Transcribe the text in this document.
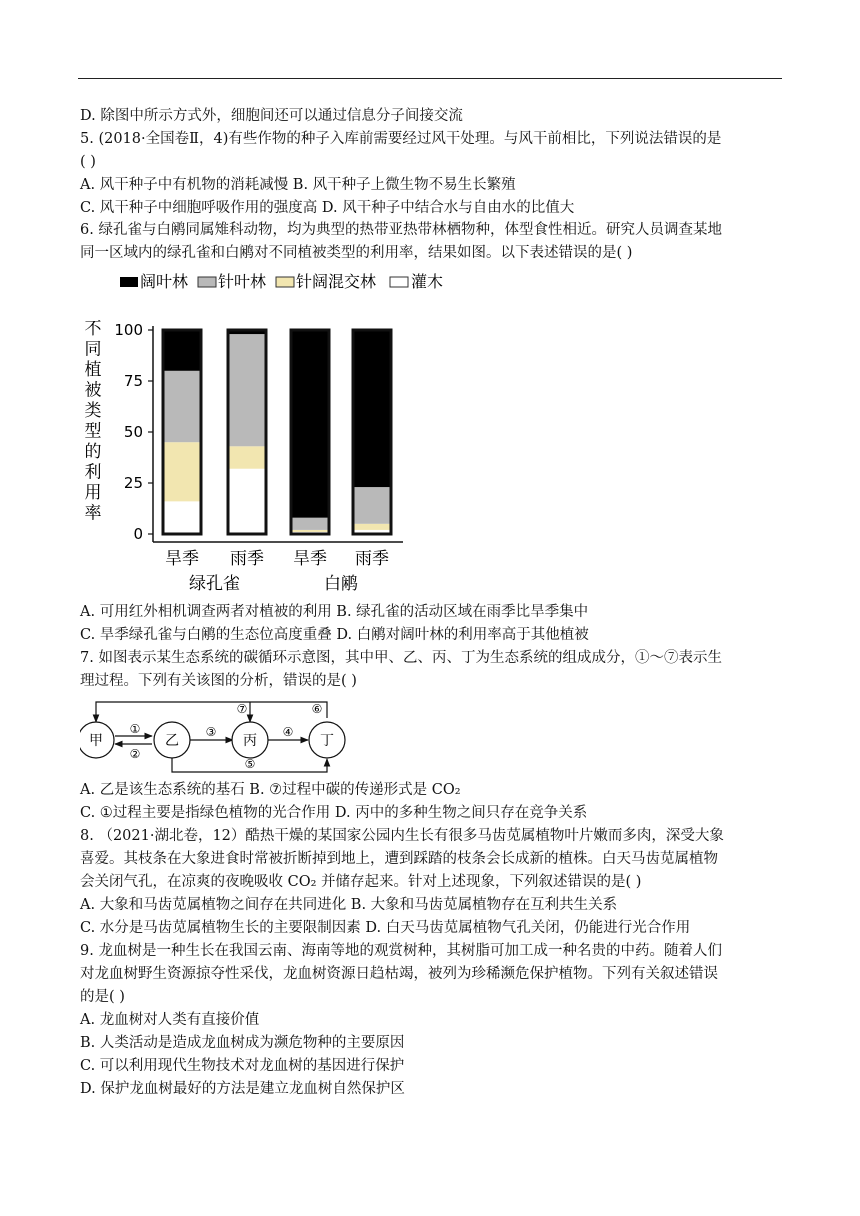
D. 除图中所示方式外，细胞间还可以通过信息分子间接交流
5. (2018·全国卷Ⅱ，4)有些作物的种子入库前需要经过风干处理。与风干前相比，下列说法错误的是
( )
A. 风干种子中有机物的消耗减慢 B. 风干种子上微生物不易生长繁殖
C. 风干种子中细胞呼吸作用的强度高 D. 风干种子中结合水与自由水的比值大
6. 绿孔雀与白鹇同属雉科动物，均为典型的热带亚热带林栖物种，体型食性相近。研究人员调查某地
同一区域内的绿孔雀和白鹇对不同植被类型的利用率，结果如图。以下表述错误的是( )
阔叶林 针叶林 针阔混交林 灌木
不
同
植
被
类
型
的
利
用
率
0
25
50
75
100
旱季 雨季 旱季 雨季
绿孔雀	白鹇
A. 可用红外相机调查两者对植被的利用 B. 绿孔雀的活动区域在雨季比旱季集中
C. 旱季绿孔雀与白鹇的生态位高度重叠 D. 白鹇对阔叶林的利用率高于其他植被
7. 如图表示某生态系统的碳循环示意图，其中甲、乙、丙、丁为生态系统的组成成分，①～⑦表示生
理过程。下列有关该图的分析，错误的是( )
甲	乙	丙	丁
①
②
③	④
⑤
⑥
⑦
A. 乙是该生态系统的基石 B. ⑦过程中碳的传递形式是 CO₂
C. ①过程主要是指绿色植物的光合作用 D. 丙中的多种生物之间只存在竞争关系
8. （2021·湖北卷，12）酷热干燥的某国家公园内生长有很多马齿苋属植物叶片嫩而多肉，深受大象
喜爱。其枝条在大象进食时常被折断掉到地上，遭到踩踏的枝条会长成新的植株。白天马齿苋属植物
会关闭气孔，在凉爽的夜晚吸收 CO₂ 并储存起来。针对上述现象，下列叙述错误的是( )
A. 大象和马齿苋属植物之间存在共同进化 B. 大象和马齿苋属植物存在互利共生关系
C. 水分是马齿苋属植物生长的主要限制因素 D. 白天马齿苋属植物气孔关闭，仍能进行光合作用
9. 龙血树是一种生长在我国云南、海南等地的观赏树种，其树脂可加工成一种名贵的中药。随着人们
对龙血树野生资源掠夺性采伐，龙血树资源日趋枯竭，被列为珍稀濒危保护植物。下列有关叙述错误
的是( )
A. 龙血树对人类有直接价值
B. 人类活动是造成龙血树成为濒危物种的主要原因
C. 可以利用现代生物技术对龙血树的基因进行保护
D. 保护龙血树最好的方法是建立龙血树自然保护区
